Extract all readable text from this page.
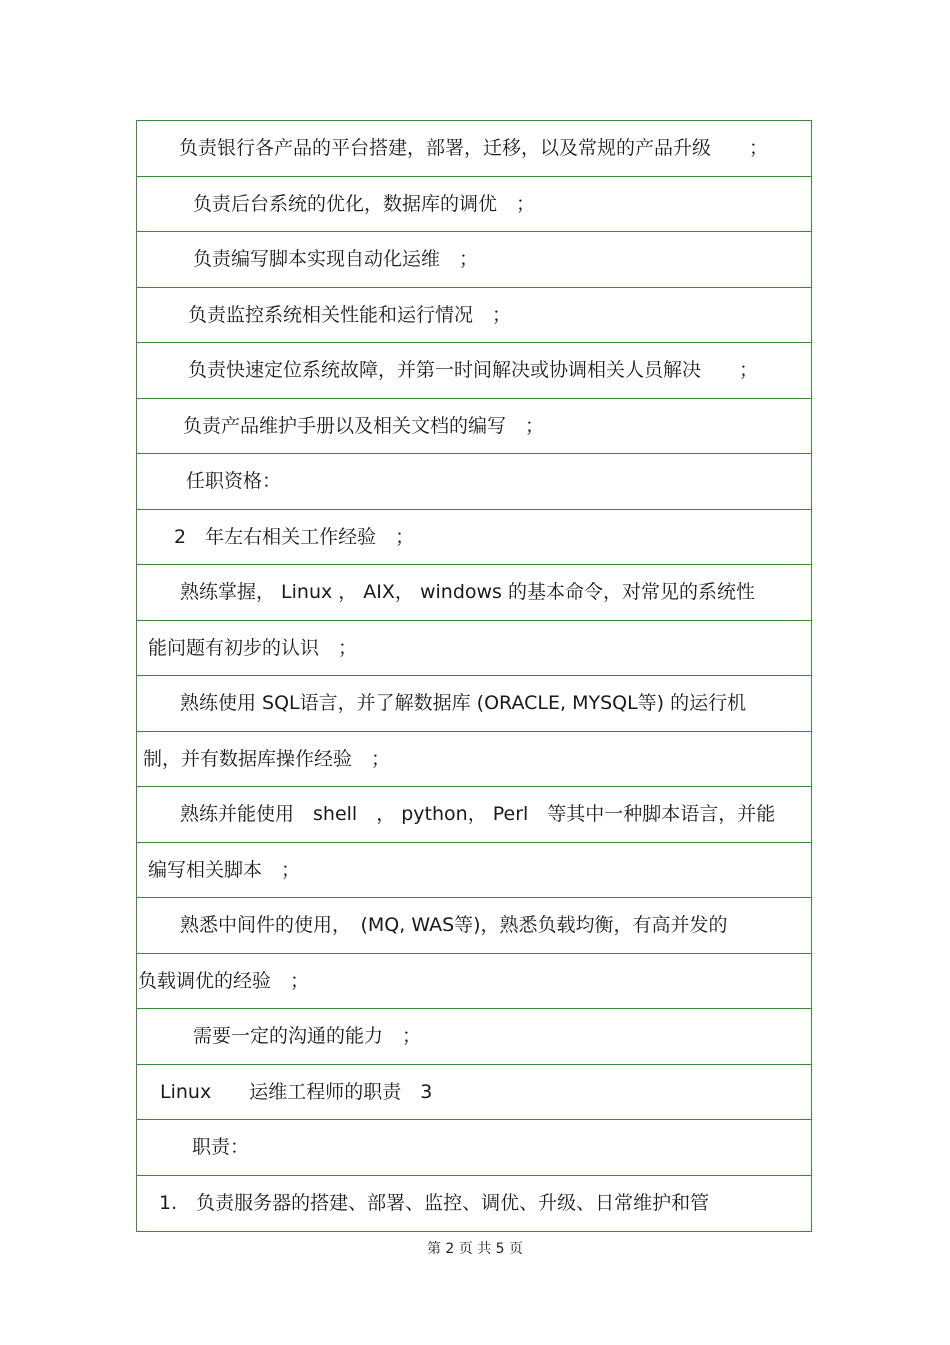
负责银行各产品的平台搭建，部署，迁移，以及常规的产品升级　　；
负责后台系统的优化，数据库的调优　；
负责编写脚本实现自动化运维　；
负责监控系统相关性能和运行情况　；
负责快速定位系统故障，并第一时间解决或协调相关人员解决　　；
负责产品维护手册以及相关文档的编写　；
任职资格：
2　年左右相关工作经验　；
熟练掌握， Linux ， AIX， windows 的基本命令，对常见的系统性
能问题有初步的认识　；
熟练使用 SQL语言，并了解数据库 (ORACLE, MYSQL等) 的运行机
制，并有数据库操作经验　；
熟练并能使用　shell　， python， Perl　等其中一种脚本语言，并能
编写相关脚本　；
熟悉中间件的使用，　(MQ, WAS等)，熟悉负载均衡，有高并发的
负载调优的经验　；
需要一定的沟通的能力　；
Linux　　运维工程师的职责　3
职责：
1.　负责服务器的搭建、部署、监控、调优、升级、日常维护和管
第 2 页 共 5 页
